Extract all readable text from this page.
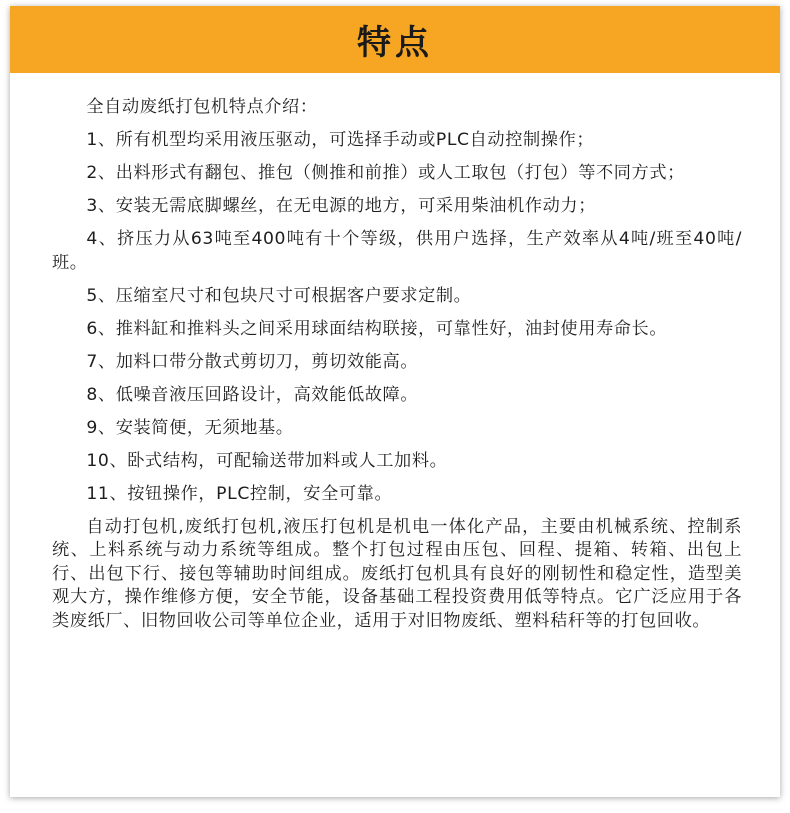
特点

全自动废纸打包机特点介绍：

1、所有机型均采用液压驱动，可选择手动或PLC自动控制操作；

2、出料形式有翻包、推包（侧推和前推）或人工取包（打包）等不同方式；

3、安装无需底脚螺丝，在无电源的地方，可采用柴油机作动力；

4、挤压力从63吨至400吨有十个等级，供用户选择，生产效率从4吨/班至40吨/班。

5、压缩室尺寸和包块尺寸可根据客户要求定制。

6、推料缸和推料头之间采用球面结构联接，可靠性好，油封使用寿命长。

7、加料口带分散式剪切刀，剪切效能高。

8、低噪音液压回路设计，高效能低故障。

9、安装简便，无须地基。

10、卧式结构，可配输送带加料或人工加料。

11、按钮操作，PLC控制，安全可靠。

自动打包机,废纸打包机,液压打包机是机电一体化产品，主要由机械系统、控制系统、上料系统与动力系统等组成。整个打包过程由压包、回程、提箱、转箱、出包上行、出包下行、接包等辅助时间组成。废纸打包机具有良好的刚韧性和稳定性，造型美观大方，操作维修方便，安全节能，设备基础工程投资费用低等特点。它广泛应用于各类废纸厂、旧物回收公司等单位企业，适用于对旧物废纸、塑料秸秆等的打包回收。
